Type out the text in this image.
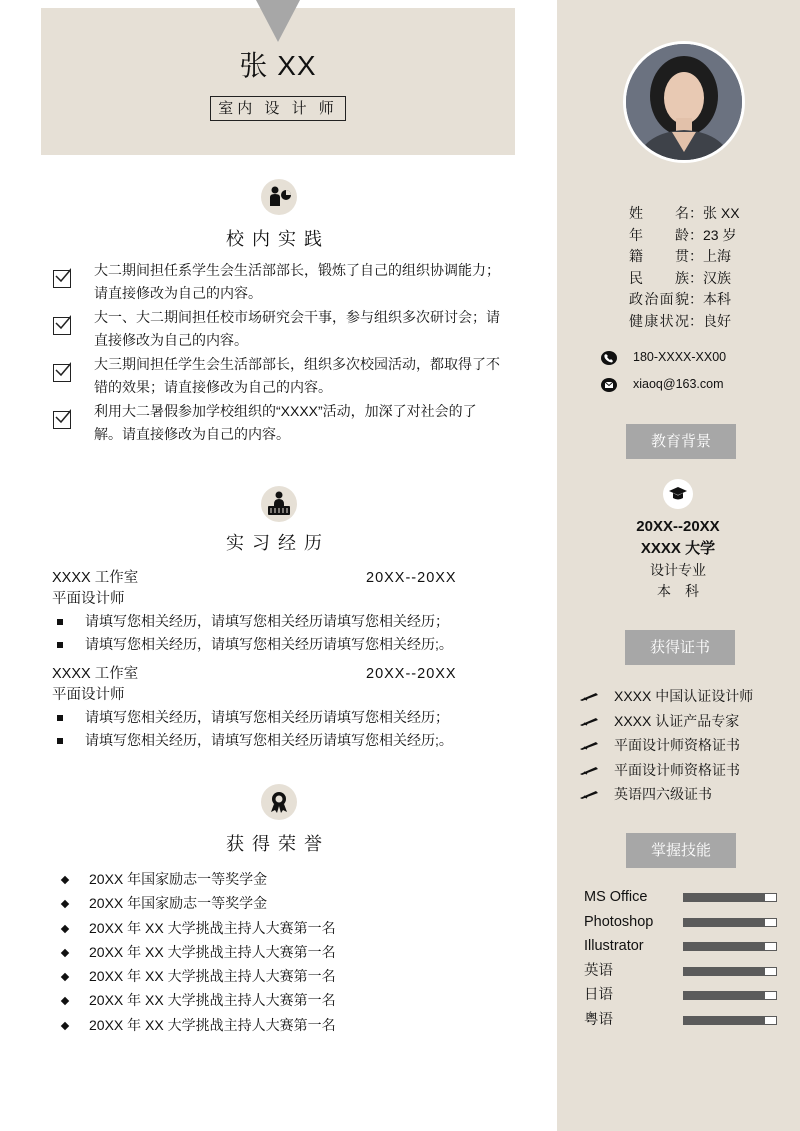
张 XX
室内 设 计 师
姓名：张 XX
年龄：23 岁
籍贯：上海
民族：汉族
政治面貌：本科
健康状况：良好
180-XXXX-XX00
xiaoq@163.com
教育背景
20XX--20XX
XXXX 大学
设计专业
本　科
获得证书
XXXX 中国认证设计师
XXXX 认证产品专家
平面设计师资格证书
平面设计师资格证书
英语四六级证书
掌握技能
MS Office
Photoshop
Illustrator
英语
日语
粤语
校内实践
大二期间担任系学生会生活部部长，锻炼了自己的组织协调能力；
请直接修改为自己的内容。
大一、大二期间担任校市场研究会干事，参与组织多次研讨会；请
直接修改为自己的内容。
大三期间担任学生会生活部部长，组织多次校园活动，都取得了不
错的效果；请直接修改为自己的内容。
利用大二暑假参加学校组织的“XXXX”活动，加深了对社会的了
解。请直接修改为自己的内容。
实习经历
XXXX 工作室	20XX--20XX
平面设计师
请填写您相关经历，请填写您相关经历请填写您相关经历；
请填写您相关经历，请填写您相关经历请填写您相关经历;。
XXXX 工作室	20XX--20XX
平面设计师
请填写您相关经历，请填写您相关经历请填写您相关经历；
请填写您相关经历，请填写您相关经历请填写您相关经历;。
获得荣誉
20XX 年国家励志一等奖学金
20XX 年国家励志一等奖学金
20XX 年 XX 大学挑战主持人大赛第一名
20XX 年 XX 大学挑战主持人大赛第一名
20XX 年 XX 大学挑战主持人大赛第一名
20XX 年 XX 大学挑战主持人大赛第一名
20XX 年 XX 大学挑战主持人大赛第一名
